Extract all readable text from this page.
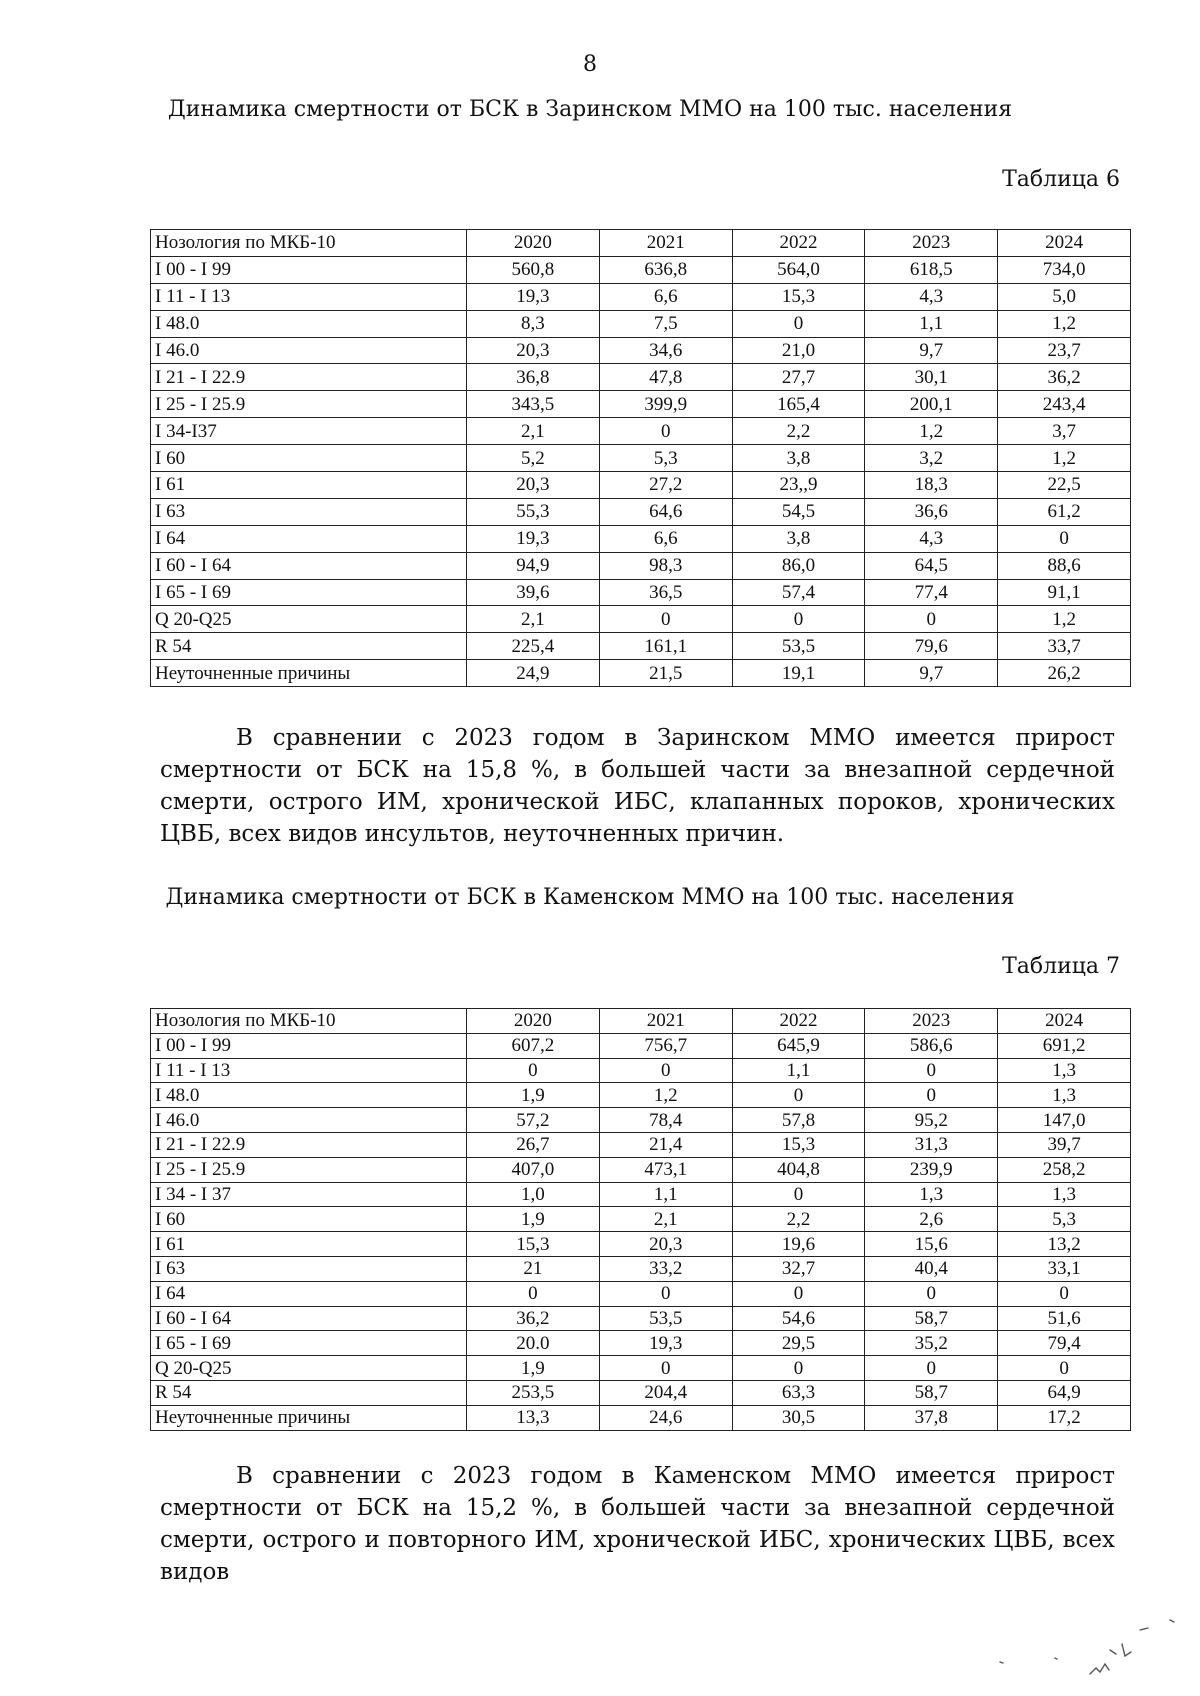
8
Динамика смертности от БСК в Заринском ММО на 100 тыс. населения
Таблица 6
Нозология по МКБ-10	2020	2021	2022	2023	2024
I 00 - I 99	560,8	636,8	564,0	618,5	734,0
I 11 - I 13	19,3	6,6	15,3	4,3	5,0
I 48.0	8,3	7,5	0	1,1	1,2
I 46.0	20,3	34,6	21,0	9,7	23,7
I 21 - I 22.9	36,8	47,8	27,7	30,1	36,2
I 25 - I 25.9	343,5	399,9	165,4	200,1	243,4
I 34-I37	2,1	0	2,2	1,2	3,7
I 60	5,2	5,3	3,8	3,2	1,2
I 61	20,3	27,2	23,,9	18,3	22,5
I 63	55,3	64,6	54,5	36,6	61,2
I 64	19,3	6,6	3,8	4,3	0
I 60 - I 64	94,9	98,3	86,0	64,5	88,6
I 65 - I 69	39,6	36,5	57,4	77,4	91,1
Q 20-Q25	2,1	0	0	0	1,2
R 54	225,4	161,1	53,5	79,6	33,7
Неуточненные причины	24,9	21,5	19,1	9,7	26,2
В сравнении с 2023 годом в Заринском ММО имеется прирост смертности от БСК на 15,8 %, в большей части за внезапной сердечной смерти, острого ИМ, хронической ИБС, клапанных пороков, хронических ЦВБ, всех видов инсультов, неуточненных причин.
Динамика смертности от БСК в Каменском ММО на 100 тыс. населения
Таблица 7
Нозология по МКБ-10	2020	2021	2022	2023	2024
I 00 - I 99	607,2	756,7	645,9	586,6	691,2
I 11 - I 13	0	0	1,1	0	1,3
I 48.0	1,9	1,2	0	0	1,3
I 46.0	57,2	78,4	57,8	95,2	147,0
I 21 - I 22.9	26,7	21,4	15,3	31,3	39,7
I 25 - I 25.9	407,0	473,1	404,8	239,9	258,2
I 34 - I 37	1,0	1,1	0	1,3	1,3
I 60	1,9	2,1	2,2	2,6	5,3
I 61	15,3	20,3	19,6	15,6	13,2
I 63	21	33,2	32,7	40,4	33,1
I 64	0	0	0	0	0
I 60 - I 64	36,2	53,5	54,6	58,7	51,6
I 65 - I 69	20.0	19,3	29,5	35,2	79,4
Q 20-Q25	1,9	0	0	0	0
R 54	253,5	204,4	63,3	58,7	64,9
Неуточненные причины	13,3	24,6	30,5	37,8	17,2
В сравнении с 2023 годом в Каменском ММО имеется прирост смертности от БСК на 15,2 %, в большей части за внезапной сердечной смерти, острого и повторного ИМ, хронической ИБС, хронических ЦВБ, всех видов
